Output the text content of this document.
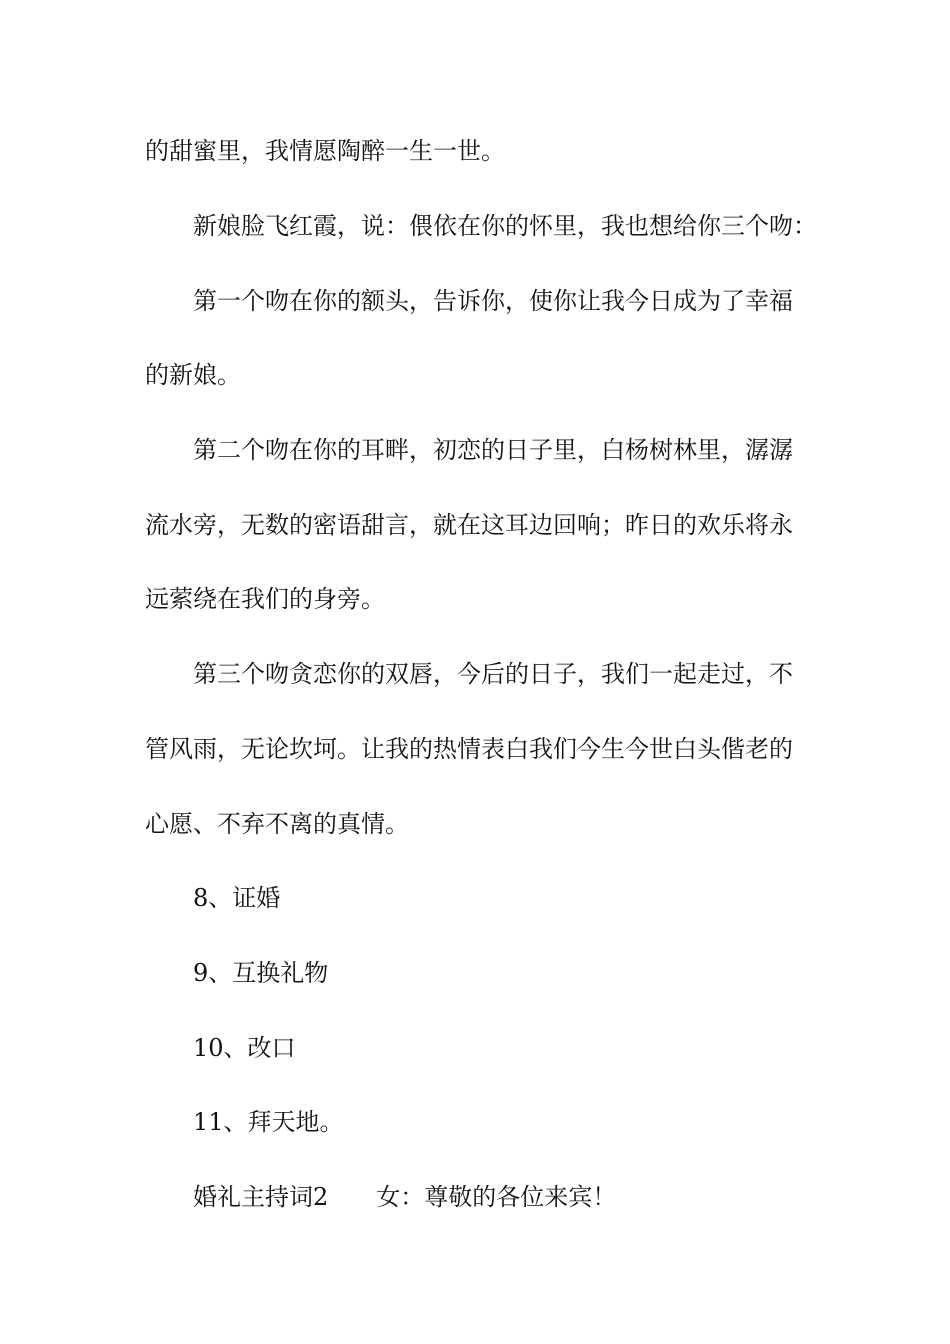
的甜蜜里，我情愿陶醉一生一世。
新娘脸飞红霞，说：偎依在你的怀里，我也想给你三个吻：
第一个吻在你的额头，告诉你，使你让我今日成为了幸福
的新娘。
第二个吻在你的耳畔，初恋的日子里，白杨树林里，潺潺
流水旁，无数的密语甜言，就在这耳边回响；昨日的欢乐将永
远萦绕在我们的身旁。
第三个吻贪恋你的双唇，今后的日子，我们一起走过，不
管风雨，无论坎坷。让我的热情表白我们今生今世白头偕老的
心愿、不弃不离的真情。
8、证婚
9、互换礼物
10、改口
11、拜天地。
婚礼主持词2 女：尊敬的各位来宾！
